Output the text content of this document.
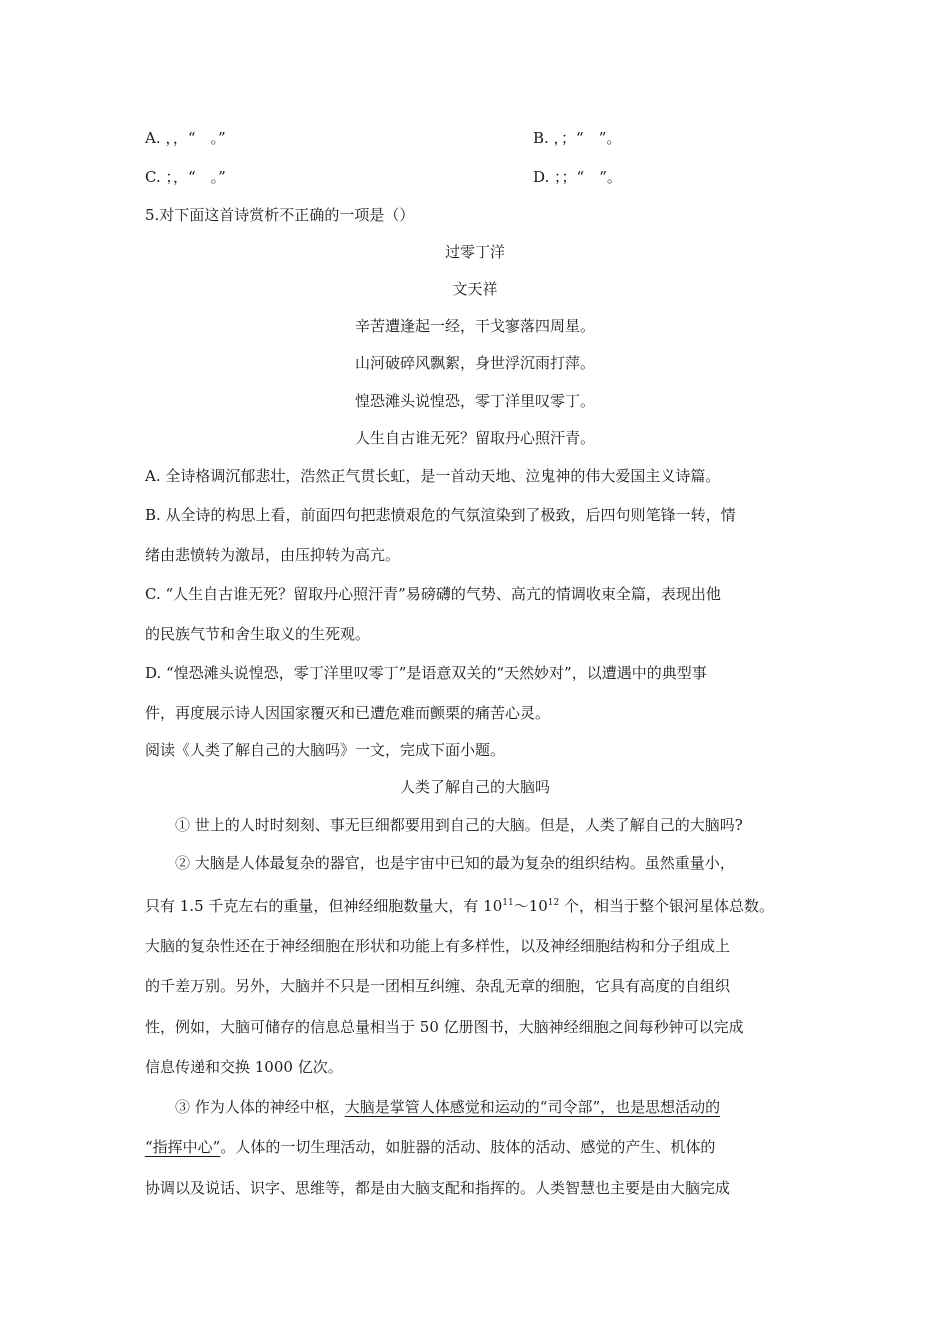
A. ，，“　。”	B. ，；“　”。
C. ；，“　。”	D. ；；“　”。
5.对下面这首诗赏析不正确的一项是（）
过零丁洋
文天祥
辛苦遭逢起一经，干戈寥落四周星。
山河破碎风飘絮，身世浮沉雨打萍。
惶恐滩头说惶恐，零丁洋里叹零丁。
人生自古谁无死？留取丹心照汗青。
A. 全诗格调沉郁悲壮，浩然正气贯长虹，是一首动天地、泣鬼神的伟大爱国主义诗篇。
B. 从全诗的构思上看，前面四句把悲愤艰危的气氛渲染到了极致，后四句则笔锋一转，情
绪由悲愤转为激昂，由压抑转为高亢。
C. “人生自古谁无死？留取丹心照汗青”易磅礴的气势、高亢的情调收束全篇，表现出他
的民族气节和舍生取义的生死观。
D. “惶恐滩头说惶恐，零丁洋里叹零丁”是语意双关的“天然妙对”，以遭遇中的典型事
件，再度展示诗人因国家覆灭和已遭危难而颤栗的痛苦心灵。
阅读《人类了解自己的大脑吗》一文，完成下面小题。
人类了解自己的大脑吗
① 世上的人时时刻刻、事无巨细都要用到自己的大脑。但是，人类了解自己的大脑吗?
② 大脑是人体最复杂的器官，也是宇宙中已知的最为复杂的组织结构。虽然重量小，
只有 1.5 千克左右的重量，但神经细胞数量大，有 $10^{11}\sim 10^{12}$ 个，相当于整个银河星体总数。
大脑的复杂性还在于神经细胞在形状和功能上有多样性，以及神经细胞结构和分子组成上
的千差万别。另外，大脑并不只是一团相互纠缠、杂乱无章的细胞，它具有高度的自组织
性，例如，大脑可储存的信息总量相当于 50 亿册图书，大脑神经细胞之间每秒钟可以完成
信息传递和交换 1000 亿次。
③ 作为人体的神经中枢，大脑是掌管人体感觉和运动的“司令部”，也是思想活动的
“指挥中心”。人体的一切生理活动，如脏器的活动、肢体的活动、感觉的产生、机体的
协调以及说话、识字、思维等，都是由大脑支配和指挥的。人类智慧也主要是由大脑完成
